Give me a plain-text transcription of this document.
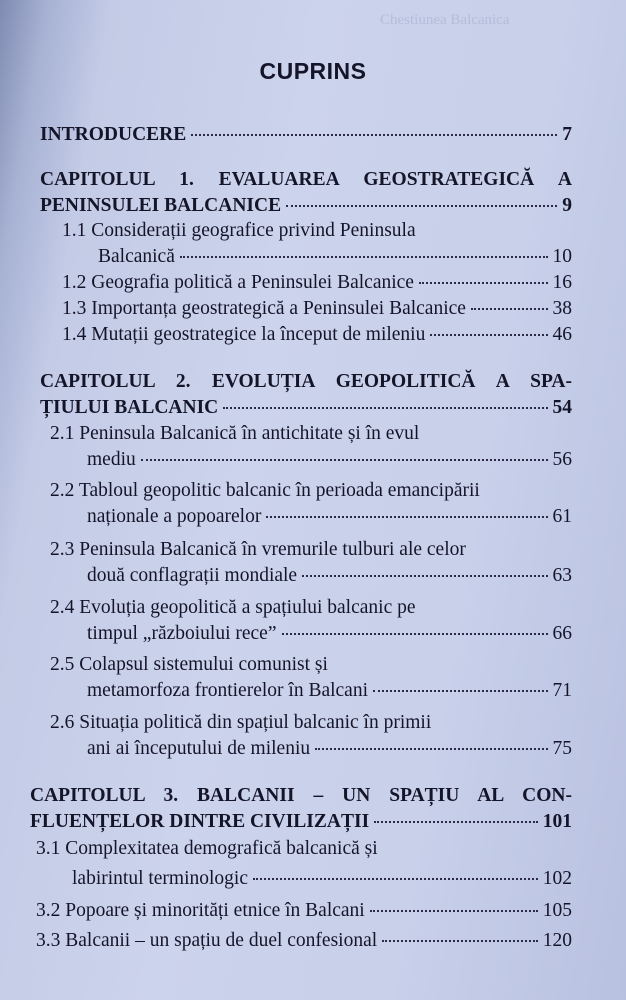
Chestiunea Balcanica
CUPRINS
INTRODUCERE	7
CAPITOLUL 1. EVALUAREA GEOSTRATEGICĂ A
PENINSULEI BALCANICE	9
1.1 Considerații geografice privind Peninsula
Balcanică	10
1.2 Geografia politică a Peninsulei Balcanice	16
1.3 Importanța geostrategică a Peninsulei Balcanice	38
1.4 Mutații geostrategice la început de mileniu	46
CAPITOLUL 2. EVOLUȚIA GEOPOLITICĂ A SPA-
ȚIULUI BALCANIC	54
2.1 Peninsula Balcanică în antichitate și în evul
mediu	56
2.2 Tabloul geopolitic balcanic în perioada emancipării
naționale a popoarelor	61
2.3 Peninsula Balcanică în vremurile tulburi ale celor
două conflagrații mondiale	63
2.4 Evoluția geopolitică a spațiului balcanic pe
timpul „războiului rece”	66
2.5 Colapsul sistemului comunist și
metamorfoza frontierelor în Balcani	71
2.6 Situația politică din spațiul balcanic în primii
ani ai începutului de mileniu	75
CAPITOLUL 3. BALCANII – UN SPAȚIU AL CON-
FLUENȚELOR DINTRE CIVILIZAȚII	101
3.1 Complexitatea demografică balcanică și
labirintul terminologic	102
3.2 Popoare și minorități etnice în Balcani	105
3.3 Balcanii – un spațiu de duel confesional	120
